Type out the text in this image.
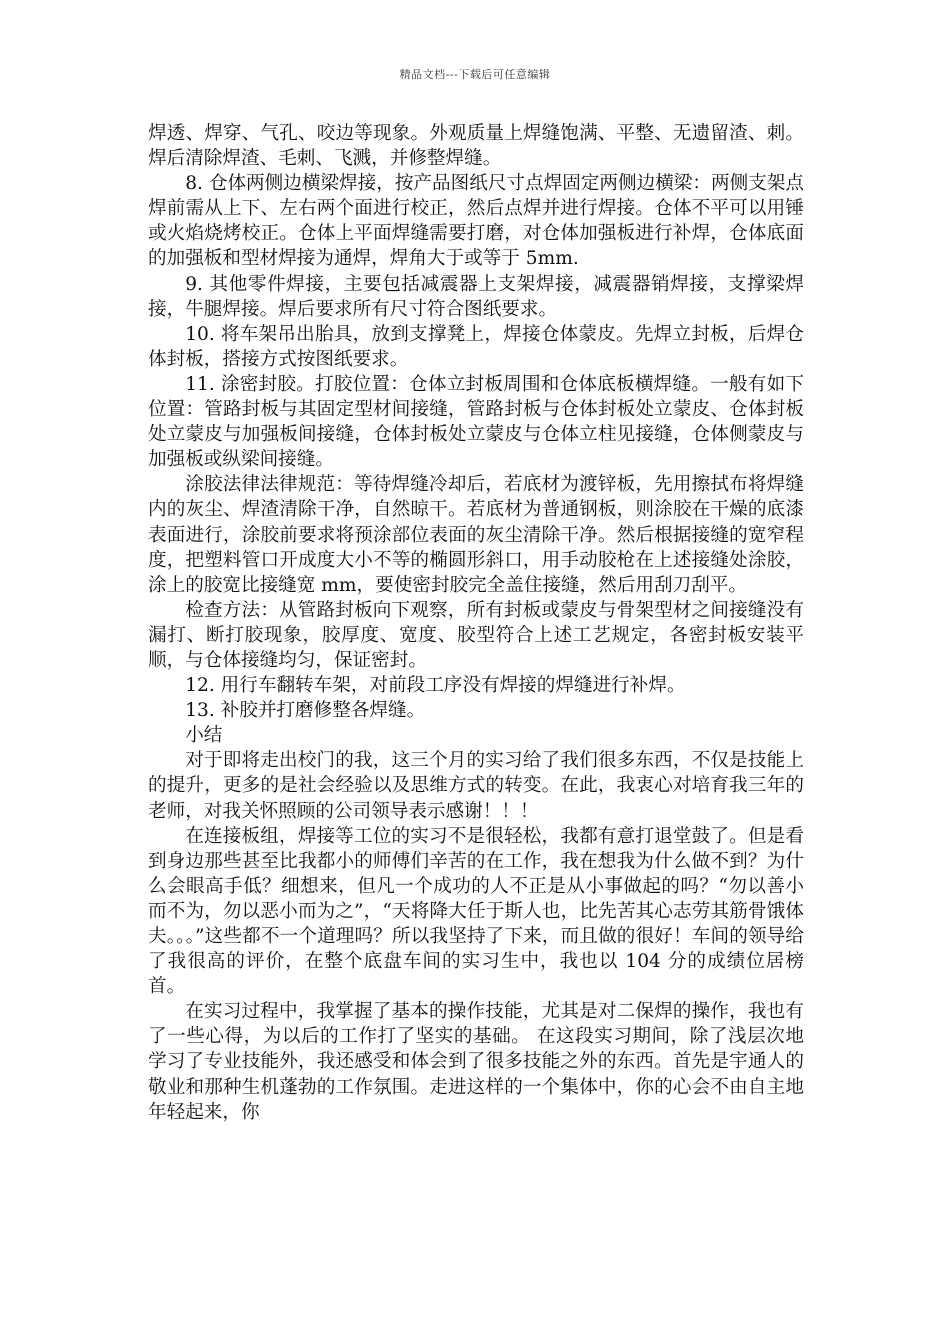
精品文档---下载后可任意编辑

焊透、焊穿、气孔、咬边等现象。外观质量上焊缝饱满、平整、无遗留渣、刺。焊后清除焊渣、毛刺、飞溅，并修整焊缝。

8. 仓体两侧边横梁焊接，按产品图纸尺寸点焊固定两侧边横梁：两侧支架点焊前需从上下、左右两个面进行校正，然后点焊并进行焊接。仓体不平可以用锤或火焰烧烤校正。仓体上平面焊缝需要打磨，对仓体加强板进行补焊，仓体底面的加强板和型材焊接为通焊，焊角大于或等于 5mm.

9. 其他零件焊接，主要包括减震器上支架焊接，减震器销焊接，支撑梁焊接，牛腿焊接。焊后要求所有尺寸符合图纸要求。

10. 将车架吊出胎具，放到支撑凳上，焊接仓体蒙皮。先焊立封板，后焊仓体封板，搭接方式按图纸要求。

11. 涂密封胶。打胶位置：仓体立封板周围和仓体底板横焊缝。一般有如下位置：管路封板与其固定型材间接缝，管路封板与仓体封板处立蒙皮、仓体封板处立蒙皮与加强板间接缝，仓体封板处立蒙皮与仓体立柱见接缝，仓体侧蒙皮与加强板或纵梁间接缝。

涂胶法律法律规范：等待焊缝冷却后，若底材为渡锌板，先用擦拭布将焊缝内的灰尘、焊渣清除干净，自然晾干。若底材为普通钢板，则涂胶在干燥的底漆表面进行，涂胶前要求将预涂部位表面的灰尘清除干净。然后根据接缝的宽窄程度，把塑料管口开成度大小不等的椭圆形斜口，用手动胶枪在上述接缝处涂胶，涂上的胶宽比接缝宽 mm，要使密封胶完全盖住接缝，然后用刮刀刮平。

检查方法：从管路封板向下观察，所有封板或蒙皮与骨架型材之间接缝没有漏打、断打胶现象，胶厚度、宽度、胶型符合上述工艺规定，各密封板安装平顺，与仓体接缝均匀，保证密封。

12. 用行车翻转车架，对前段工序没有焊接的焊缝进行补焊。

13. 补胶并打磨修整各焊缝。

小结

对于即将走出校门的我，这三个月的实习给了我们很多东西，不仅是技能上的提升，更多的是社会经验以及思维方式的转变。在此，我衷心对培育我三年的老师，对我关怀照顾的公司领导表示感谢！！！

在连接板组，焊接等工位的实习不是很轻松，我都有意打退堂鼓了。但是看到身边那些甚至比我都小的师傅们辛苦的在工作，我在想我为什么做不到？为什么会眼高手低？细想来，但凡一个成功的人不正是从小事做起的吗？“勿以善小而不为，勿以恶小而为之”，“天将降大任于斯人也，比先苦其心志劳其筋骨饿体夫。。。”这些都不一个道理吗？所以我坚持了下来，而且做的很好！车间的领导给了我很高的评价，在整个底盘车间的实习生中，我也以 104 分的成绩位居榜首。

在实习过程中，我掌握了基本的操作技能，尤其是对二保焊的操作，我也有了一些心得，为以后的工作打了坚实的基础。 在这段实习期间，除了浅层次地学习了专业技能外，我还感受和体会到了很多技能之外的东西。首先是宇通人的敬业和那种生机蓬勃的工作氛围。走进这样的一个集体中，你的心会不由自主地年轻起来，你
